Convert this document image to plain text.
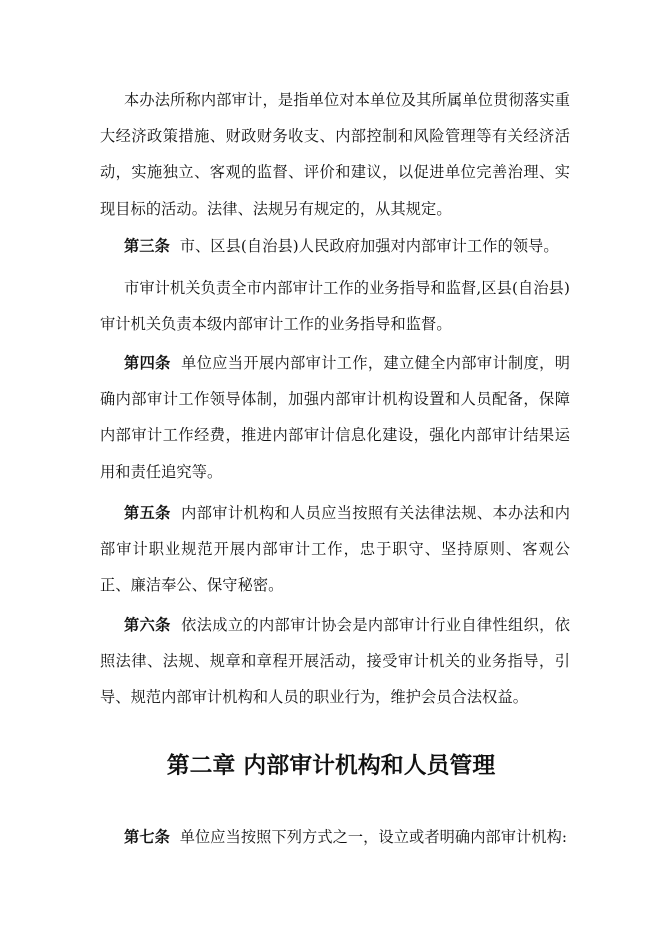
本办法所称内部审计，是指单位对本单位及其所属单位贯彻落实重大经济政策措施、财政财务收支、内部控制和风险管理等有关经济活动，实施独立、客观的监督、评价和建议，以促进单位完善治理、实现目标的活动。法律、法规另有规定的，从其规定。

第三条 市、区县(自治县)人民政府加强对内部审计工作的领导。

市审计机关负责全市内部审计工作的业务指导和监督,区县(自治县)审计机关负责本级内部审计工作的业务指导和监督。

第四条 单位应当开展内部审计工作，建立健全内部审计制度，明确内部审计工作领导体制，加强内部审计机构设置和人员配备，保障内部审计工作经费，推进内部审计信息化建设，强化内部审计结果运用和责任追究等。

第五条 内部审计机构和人员应当按照有关法律法规、本办法和内部审计职业规范开展内部审计工作，忠于职守、坚持原则、客观公正、廉洁奉公、保守秘密。

第六条 依法成立的内部审计协会是内部审计行业自律性组织，依照法律、法规、规章和章程开展活动，接受审计机关的业务指导，引导、规范内部审计机构和人员的职业行为，维护会员合法权益。

第二章 内部审计机构和人员管理

第七条 单位应当按照下列方式之一，设立或者明确内部审计机构:
